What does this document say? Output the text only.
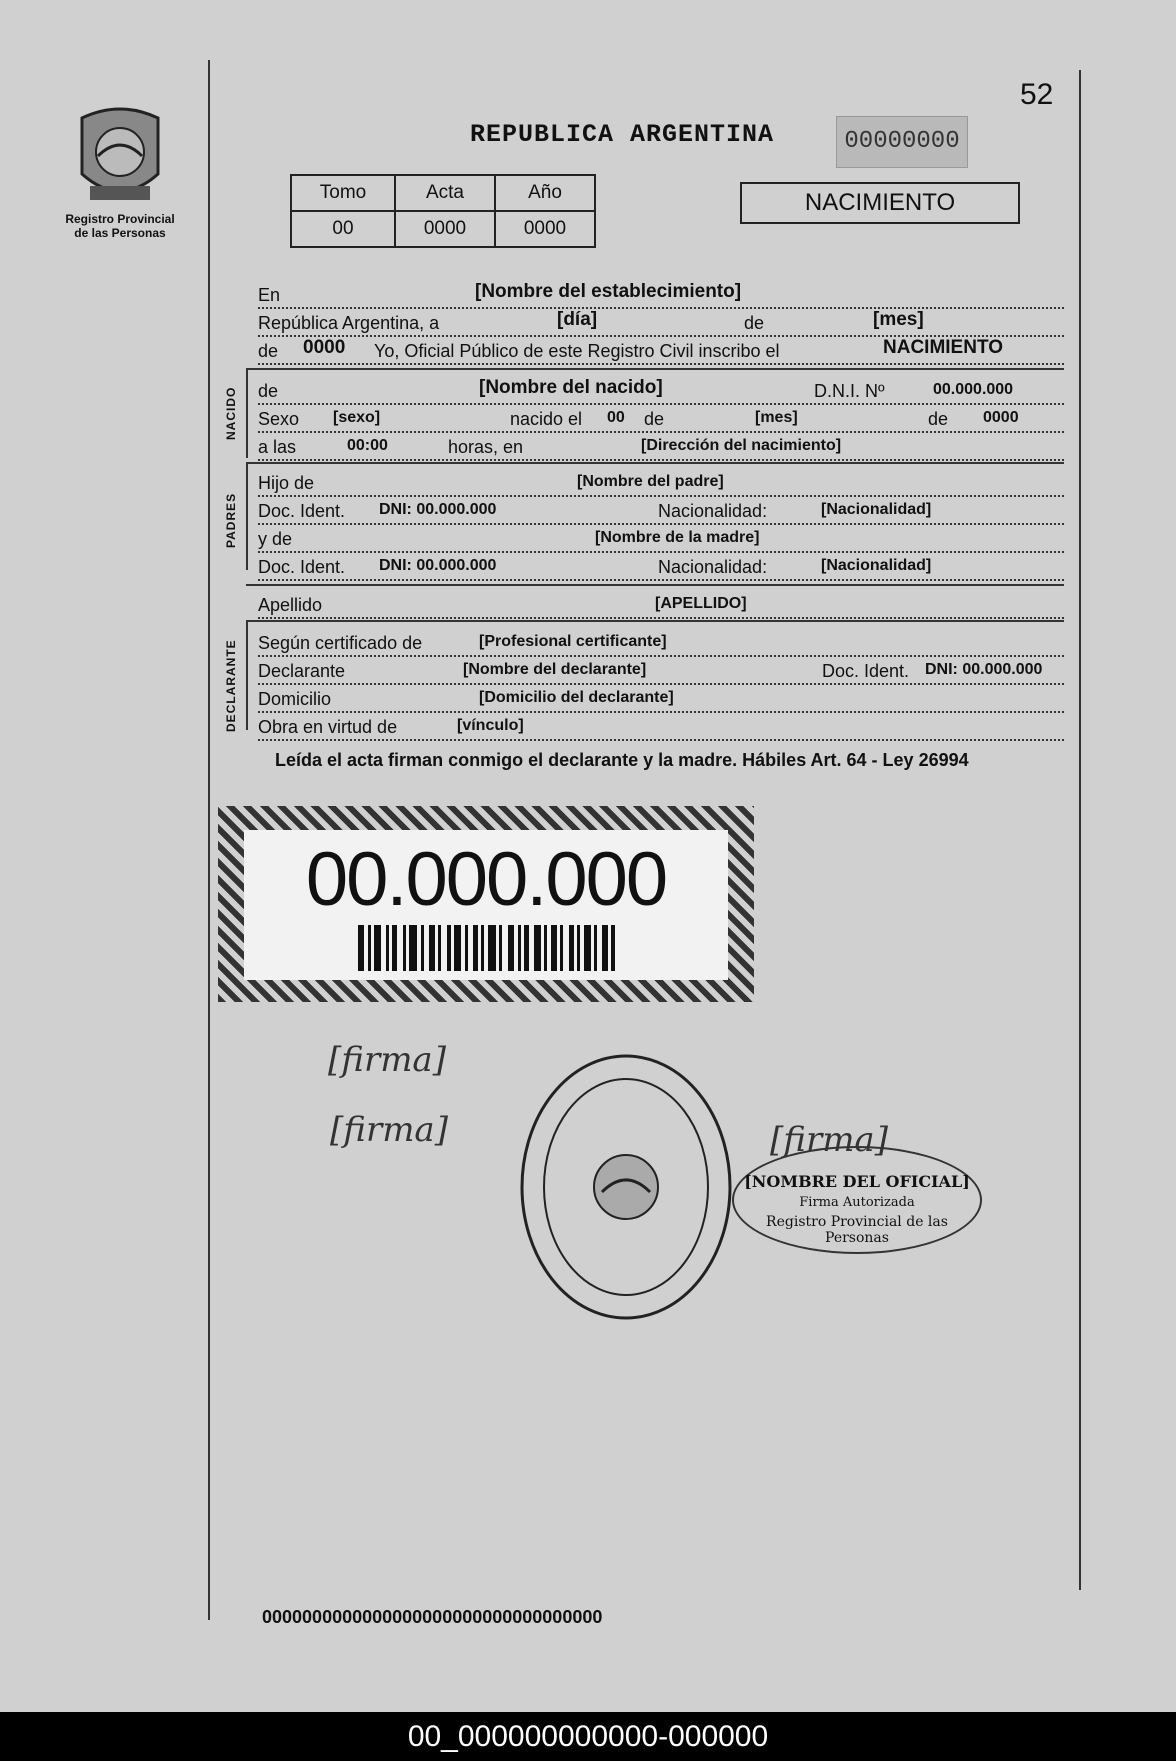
52
Registro Provincial
de las Personas
REPUBLICA ARGENTINA	00000000
Tomo	Acta	Año
00	0000	0000
NACIMIENTO
En	[Nombre del establecimiento]
República Argentina, a	[día]	de	[mes]
de 0000 Yo, Oficial Público de este Registro Civil inscribo el	NACIMIENTO
NACIDO de	[Nombre del nacido]	D.N.I. Nº	00.000.000
Sexo [sexo]	nacido el 00 de	[mes]	de 0000
a las	00:00	horas, en	[Dirección del nacimiento]
PADRES
Hijo de	[Nombre del padre]
Doc. Ident. DNI: 00.000.000	Nacionalidad:	[Nacionalidad]
y de	[Nombre de la madre]
Doc. Ident. DNI: 00.000.000	Nacionalidad:	[Nacionalidad]
Apellido	[APELLIDO]
DECLARANTE Según certificado de	[Profesional certificante]
Declarante	[Nombre del declarante]	Doc. Ident. DNI: 00.000.000
Domicilio	[Domicilio del declarante]
Obra en virtud de	[vínculo]
Leída el acta firman conmigo el declarante y la madre. Hábiles Art. 64 - Ley 26994
00.000.000
[firma]
[firma]	[firma]
[NOMBRE DEL OFICIAL]
Firma Autorizada
Registro Provincial de las Personas
0000000000000000000000000000000000
00_000000000000-000000
